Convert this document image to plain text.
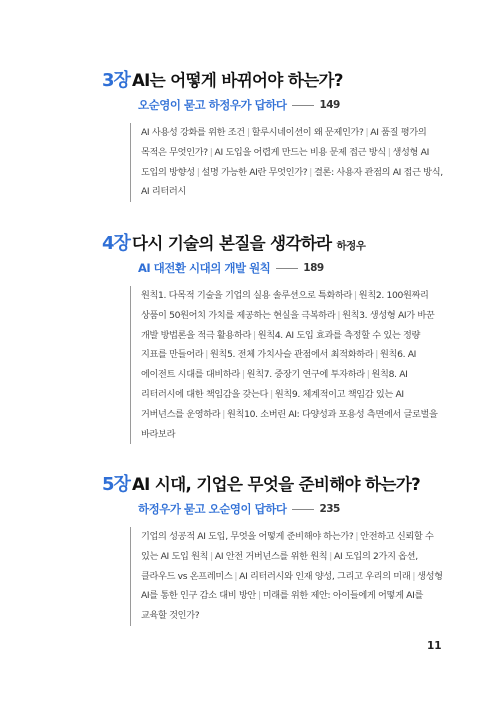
3장 AI는 어떻게 바뀌어야 하는가?
오순영이 묻고 하정우가 답하다	149
AI 사용성 강화를 위한 조건 | 할루시네이션이 왜 문제인가? | AI 품질 평가의 목적은 무엇인가? | AI 도입을 어렵게 만드는 비용 문제 접근 방식 | 생성형 AI 도입의 방향성 | 설명 가능한 AI란 무엇인가? | 결론: 사용자 관점의 AI 접근 방식, AI 리터러시
4장 다시 기술의 본질을 생각하라 하정우
AI 대전환 시대의 개발 원칙	189
원칙1. 다목적 기술을 기업의 실용 솔루션으로 특화하라 | 원칙2. 100원짜리 상품이 50원어치 가치를 제공하는 현실을 극복하라 | 원칙3. 생성형 AI가 바꾼 개발 방법론을 적극 활용하라 | 원칙4. AI 도입 효과를 측정할 수 있는 정량 지표를 만들어라 | 원칙5. 전체 가치사슬 관점에서 최적화하라 | 원칙6. AI 에이전트 시대를 대비하라 | 원칙7. 중장기 연구에 투자하라 | 원칙8. AI 리터러시에 대한 책임감을 갖는다 | 원칙9. 체계적이고 책임감 있는 AI 거버넌스를 운영하라 | 원칙10. 소버린 AI: 다양성과 포용성 측면에서 글로벌을 바라보라
5장 AI 시대, 기업은 무엇을 준비해야 하는가?
하정우가 묻고 오순영이 답하다	235
기업의 성공적 AI 도입, 무엇을 어떻게 준비해야 하는가? | 안전하고 신뢰할 수 있는 AI 도입 원칙 | AI 안전 거버넌스를 위한 원칙 | AI 도입의 2가지 옵션, 클라우드 vs 온프레미스 | AI 리터러시와 인재 양성, 그리고 우리의 미래 | 생성형 AI를 통한 인구 감소 대비 방안 | 미래를 위한 제안: 아이들에게 어떻게 AI를 교육할 것인가?
11
